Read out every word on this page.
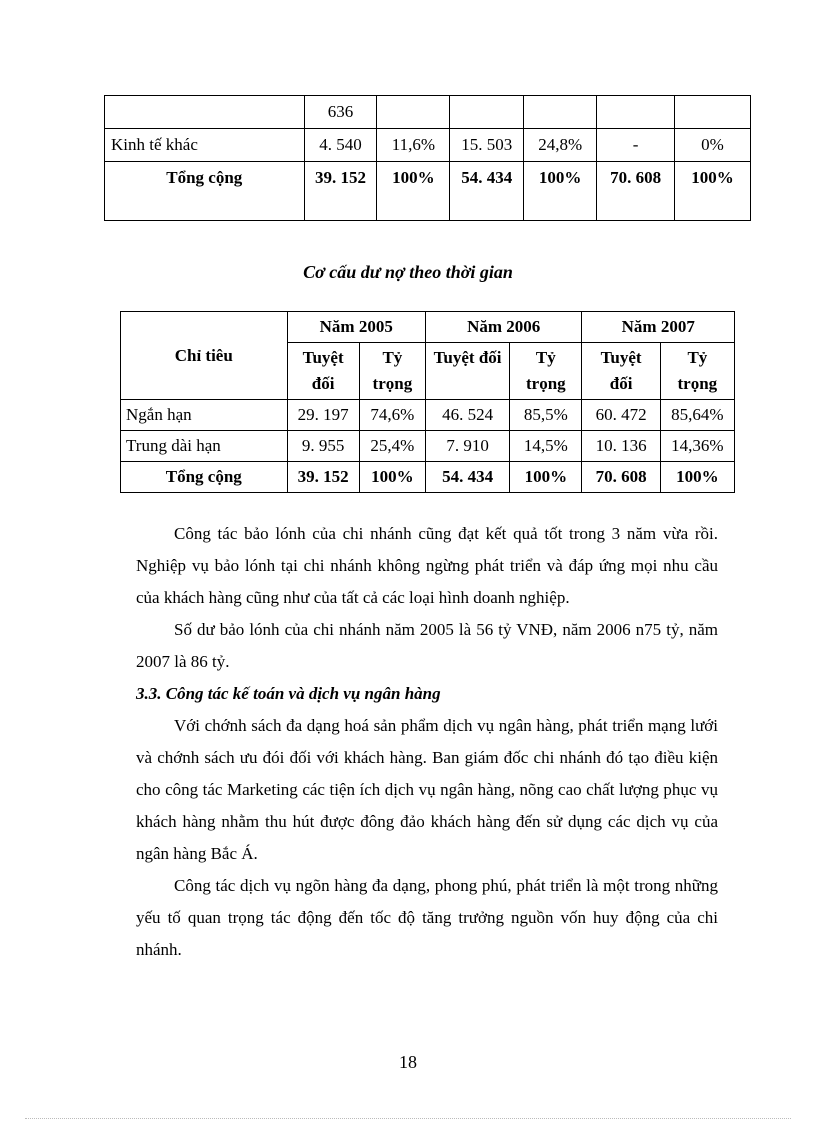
	636					
Kinh tế khác	4. 540	11,6%	15. 503	24,8%	-	0%
Tổng cộng	39. 152	100%	54. 434	100%	70. 608	100%
Cơ cấu dư nợ theo thời gian
Chỉ tiêu	Năm 2005		Năm 2006		Năm 2007	
	Tuyệt đối	Tỷ trọng	Tuyệt đối	Tỷ trọng	Tuyệt đối	Tỷ trọng
Ngắn hạn	29. 197	74,6%	46. 524	85,5%	60. 472	85,64%
Trung dài hạn	9. 955	25,4%	7. 910	14,5%	10. 136	14,36%
Tổng cộng	39. 152	100%	54. 434	100%	70. 608	100%

Công tác bảo lónh của chi nhánh cũng đạt kết quả tốt trong 3 năm vừa rồi. Nghiệp vụ bảo lónh tại chi nhánh không ngừng phát triển và đáp ứng mọi nhu cầu của khách hàng cũng như của tất cả các loại hình doanh nghiệp.

Số dư bảo lónh của chi nhánh năm 2005 là 56 tỷ VNĐ, năm 2006 n75 tỷ, năm 2007 là 86 tỷ.

3.3. Công tác kế toán và dịch vụ ngân hàng

Với chớnh sách đa dạng hoá sản phẩm dịch vụ ngân hàng, phát triển mạng lưới và chớnh sách ưu đói đối với khách hàng. Ban giám đốc chi nhánh đó tạo điều kiện cho công tác Marketing các tiện ích dịch vụ ngân hàng, nõng cao chất lượng phục vụ khách hàng nhằm thu hút được đông đảo khách hàng đến sử dụng các dịch vụ của ngân hàng Bắc Á.

Công tác dịch vụ ngõn hàng đa dạng, phong phú, phát triển là một trong những yếu tố quan trọng tác động đến tốc độ tăng trưởng nguồn vốn huy động của chi nhánh.

18
